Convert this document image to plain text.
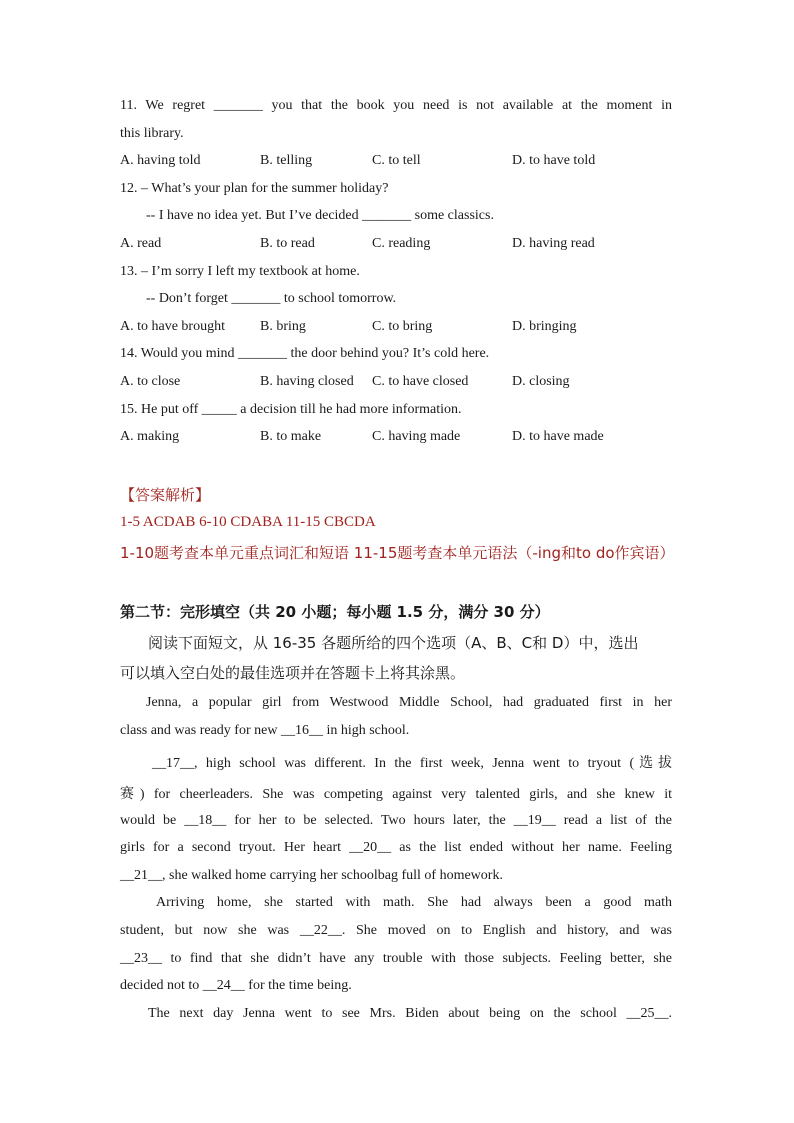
11. We regret _______ you that the book you need is not available at the moment in
this library.
A. having told	B. telling	C. to tell	D. to have told
12. – What’s your plan for the summer holiday?
-- I have no idea yet. But I’ve decided _______ some classics.
A. read	B. to read	C. reading	D. having read
13. – I’m sorry I left my textbook at home.
-- Don’t forget _______ to school tomorrow.
A. to have brought	B. bring	C. to bring	D. bringing
14. Would you mind _______ the door behind you? It’s cold here.
A. to close	B. having closed C. to have closed	D. closing
15. He put off _____ a decision till he had more information.
A. making	B. to make	C. having made	D. to have made
【答案解析】
1-5 ACDAB 6-10 CDABA 11-15 CBCDA
1-10题考查本单元重点词汇和短语 11-15题考查本单元语法（-ing和to do作宾语）
第二节：完形填空（共 20 小题；每小题 1.5 分，满分 30 分）
阅读下面短文，从 16-35 各题所给的四个选项（A、B、C和 D）中，选出
可以填入空白处的最佳选项并在答题卡上将其涂黑。
Jenna, a popular girl from Westwood Middle School, had graduated first in her
class and was ready for new __16__ in high school.
__17__, high school was different. In the first week, Jenna went to tryout (选拔
赛) for cheerleaders. She was competing against very talented girls, and she knew it
would be __18__ for her to be selected. Two hours later, the __19__ read a list of the
girls for a second tryout. Her heart __20__ as the list ended without her name. Feeling
__21__, she walked home carrying her schoolbag full of homework.
Arriving home, she started with math. She had always been a good math
student, but now she was __22__. She moved on to English and history, and was
__23__ to find that she didn’t have any trouble with those subjects. Feeling better, she
decided not to __24__ for the time being.
The next day Jenna went to see Mrs. Biden about being on the school __25__.
